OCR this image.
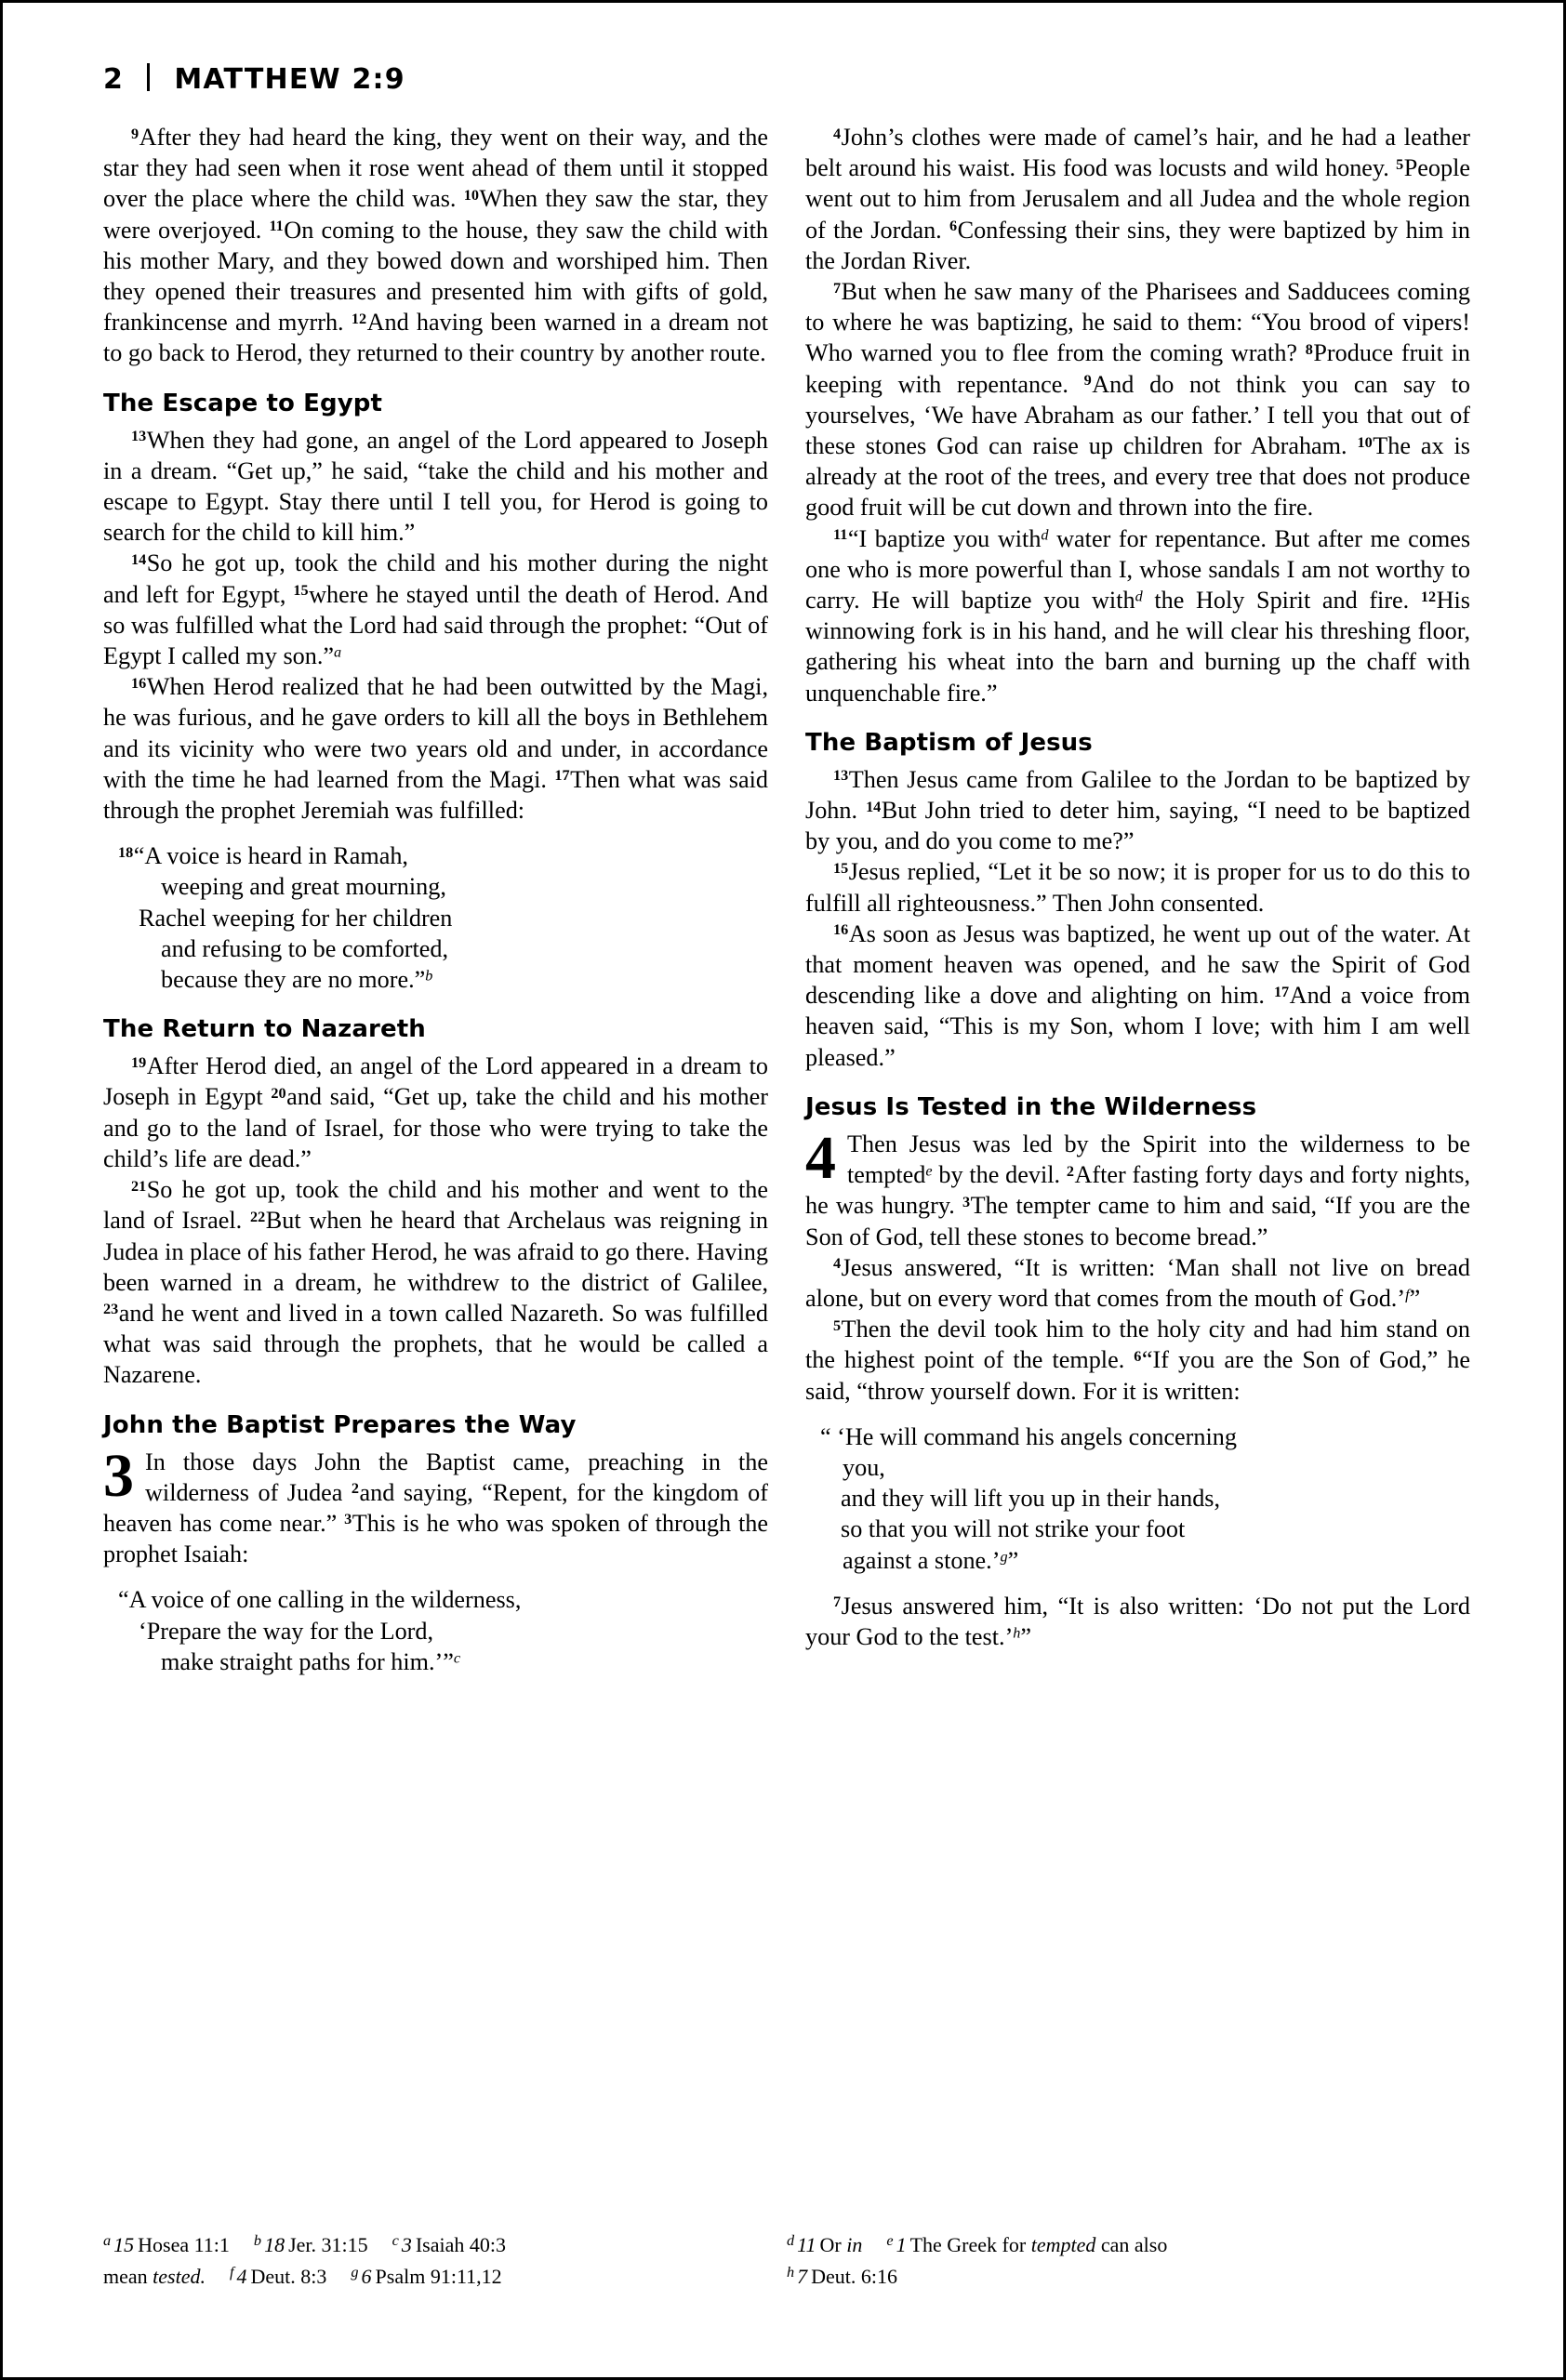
2 MATTHEW 2:9

$^9$After they had heard the king, they went on their way, and the star they had seen when it rose went ahead of them until it stopped over the place where the child was. $^{10}$When they saw the star, they were overjoyed. $^{11}$On coming to the house, they saw the child with his mother Mary, and they bowed down and worshiped him. Then they opened their treasures and presented him with gifts of gold, frankincense and myrrh. $^{12}$And having been warned in a dream not to go back to Herod, they returned to their country by another route.

The Escape to Egypt

$^{13}$When they had gone, an angel of the Lord appeared to Joseph in a dream. “Get up,” he said, “take the child and his mother and escape to Egypt. Stay there until I tell you, for Herod is going to search for the child to kill him.”

$^{14}$So he got up, took the child and his mother during the night and left for Egypt, $^{15}$where he stayed until the death of Herod. And so was fulfilled what the Lord had said through the prophet: “Out of Egypt I called my son.”$^a$

$^{16}$When Herod realized that he had been outwitted by the Magi, he was furious, and he gave orders to kill all the boys in Bethlehem and its vicinity who were two years old and under, in accordance with the time he had learned from the Magi. $^{17}$Then what was said through the prophet Jeremiah was fulfilled:

$^{18}$“A voice is heard in Ramah,
weeping and great mourning,
Rachel weeping for her children
and refusing to be comforted,
because they are no more.”$^b$
The Return to Nazareth

$^{19}$After Herod died, an angel of the Lord appeared in a dream to Joseph in Egypt $^{20}$and said, “Get up, take the child and his mother and go to the land of Israel, for those who were trying to take the child’s life are dead.”

$^{21}$So he got up, took the child and his mother and went to the land of Israel. $^{22}$But when he heard that Archelaus was reigning in Judea in place of his father Herod, he was afraid to go there. Having been warned in a dream, he withdrew to the district of Galilee, $^{23}$and he went and lived in a town called Nazareth. So was fulfilled what was said through the prophets, that he would be called a Nazarene.

John the Baptist Prepares the Way
3 In those days John the Baptist came, preaching in the wilderness of Judea $^2$and saying, “Repent, for the kingdom of heaven has come near.” $^3$This is he who was spoken of through the prophet Isaiah:

“A voice of one calling in the wilderness,
‘Prepare the way for the Lord,
make straight paths for him.’”$^c$

$^4$John’s clothes were made of camel’s hair, and he had a leather belt around his waist. His food was locusts and wild honey. $^5$People went out to him from Jerusalem and all Judea and the whole region of the Jordan. $^6$Confessing their sins, they were baptized by him in the Jordan River.

$^7$But when he saw many of the Pharisees and Sadducees coming to where he was baptizing, he said to them: “You brood of vipers! Who warned you to flee from the coming wrath? $^8$Produce fruit in keeping with repentance. $^9$And do not think you can say to yourselves, ‘We have Abraham as our father.’ I tell you that out of these stones God can raise up children for Abraham. $^{10}$The ax is already at the root of the trees, and every tree that does not produce good fruit will be cut down and thrown into the fire.

$^{11}$“I baptize you with$^d$ water for repentance. But after me comes one who is more powerful than I, whose sandals I am not worthy to carry. He will baptize you with$^d$ the Holy Spirit and fire. $^{12}$His winnowing fork is in his hand, and he will clear his threshing floor, gathering his wheat into the barn and burning up the chaff with unquenchable fire.”

The Baptism of Jesus

$^{13}$Then Jesus came from Galilee to the Jordan to be baptized by John. $^{14}$But John tried to deter him, saying, “I need to be baptized by you, and do you come to me?”

$^{15}$Jesus replied, “Let it be so now; it is proper for us to do this to fulfill all righteousness.” Then John consented.

$^{16}$As soon as Jesus was baptized, he went up out of the water. At that moment heaven was opened, and he saw the Spirit of God descending like a dove and alighting on him. $^{17}$And a voice from heaven said, “This is my Son, whom I love; with him I am well pleased.”

Jesus Is Tested in the Wilderness
4 Then Jesus was led by the Spirit into the wilderness to be tempted$^e$ by the devil. $^2$After fasting forty days and forty nights, he was hungry. $^3$The tempter came to him and said, “If you are the Son of God, tell these stones to become bread.”

$^4$Jesus answered, “It is written: ‘Man shall not live on bread alone, but on every word that comes from the mouth of God.’$^f$”

$^5$Then the devil took him to the holy city and had him stand on the highest point of the temple. $^6$“If you are the Son of God,” he said, “throw yourself down. For it is written:

“ ‘He will command his angels concerning
you,
and they will lift you up in their hands,
so that you will not strike your foot
against a stone.’$^g$”

$^7$Jesus answered him, “It is also written: ‘Do not put the Lord your God to the test.’$^h$”

$^a$ 15 Hosea 11:1 $^b$ 18 Jer. 31:15 $^c$ 3 Isaiah 40:3
mean tested. $^f$ 4 Deut. 8:3 $^g$ 6 Psalm 91:11,12
$^d$ 11 Or in $^e$ 1 The Greek for tempted can also
$^h$ 7 Deut. 6:16
